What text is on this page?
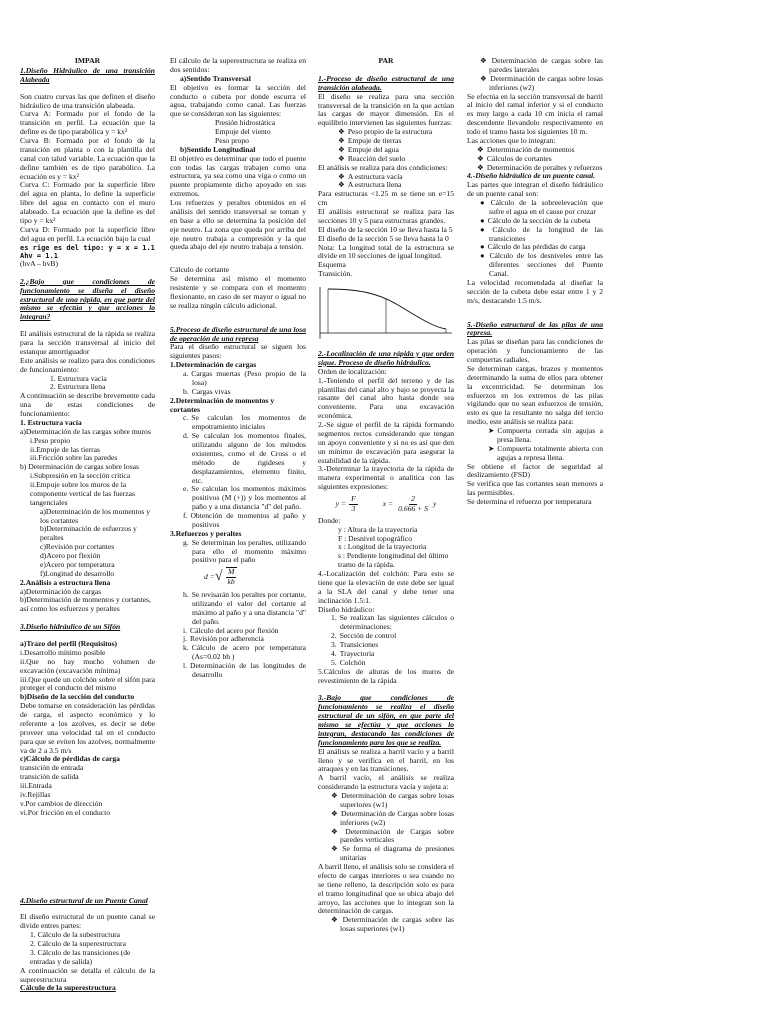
IMPAR

1.Diseño Hidráulico de una transición Alabeada

Son cuatro curvas las que definen el diseño hidráulico de una transición alabeada.

Curva A: Formado por el fondo de la transición en perfil. La ecuación que la define es de tipo parabólica y = kx²

Curva B: Formado por el fondo de la transición en planta o con la plantilla del canal con talud variable. La ecuación que la define también es de tipo parabólico. La ecuación es y = kx²

Curva C: Formado por la superficie libre del agua en planta, lo define la superficie libre del agua en contacto con el muro alabeado. La ecuación que la define es del tipo y = kx²

Curva D: Formado por la superficie libre del agua en perfil. La ecuación bajo la cual

es rige es del tipo: y = x = 1.1 Ahv = 1.1

(hvA – hvB)

2.¿Bajo que condiciones de funcionamiento se diseña el diseño estructural de una rápida, en que parte del mismo se efectúa y que acciones lo integran?

El análisis estructural de la rápida se realiza para la sección transversal al inicio del estanque amortiguador

Este análisis se realizo para dos condiciones de funcionamiento:

1. Estructura vacía

2. Estructura llena

A continuación se describe brevemente cada una de estas condiciones de funcionamiento:

1. Estructura vacía

a)Determinación de las cargas sobre muros

i.Peso propio

ii.Empuje de las tierras

iii.Fricción sobre las paredes

b) Determinación de cargas sobre losas

i.Subpresión en la sección crítica

ii.Empuje sobre los muros de la componente vertical de las fuerzas tangenciales

a)Determinación de los momentos y los cortantes

b)Determinación de esfuerzos y peraltes

c)Revisión por cortantes

d)Acero por flexión

e)Acero por temperatura

f)Longitud de desarrollo

2.Análisis a estructura llena

a)Determinación de cargas

b)Determinación de momentos y cortantes, así como los esfuerzos y peraltes

3.Diseño hidráulico de un Sifón

a)Trazo del perfil (Requisitos)

i.Desarrollo mínimo posible

ii.Que no hay mucho volumen de excavación (excavación mínima)

iii.Que quede un colchón sobre el sifón para proteger el conducto del mismo

b)Diseño de la sección del conducto

Debe tomarse en consideración las pérdidas de carga, el aspecto económico y lo referente a los azolves, es decir se debe proveer una velocidad tal en el conducto para que se eviten los azolves, normalmente va de 2 a 3.5 m/s

c)Cálculo de pérdidas de carga

transición de entrada

transición de salida

iii.Entrada

iv.Rejillas

v.Por cambios de dirección

vi.Por fricción en el conducto

4.Diseño estructural de un Puente Canal

El diseño estructural de un puente canal se divide entres partes:

1. Cálculo de la subestructura

2. Cálculo de la superestructura

3. Cálculo de las transiciones (de entradas y de salida)

A continuación se detalla el cálculo de la superestructura

Cálculo de la superestructura

El cálculo de la superestructura se realiza en dos sentidos:

a)Sentido Transversal

El objetivo es formar la sección del conducto o cubeta por donde escurra el agua, trabajando como canal. Las fuerzas que se consideran son las siguientes:

Presión hidrostática

Empuje del viento

Peso propo

b)Sentido Longitudinal

El objetivo es determinar que todo el puente con todas las cargas trabajen como una estructura, ya sea como una viga o como un puente propiamente dicho apoyado en sus extremos.

Los refuerzos y peraltes obtenidos en el análisis del sentido transversal se toman y en base a ello se determina la posición del eje neutro. La zona que queda por arriba del eje neutro trabaja a compresión y la que queda abajo del eje neutro trabaja a tensión.

Cálculo de cortante

Se determina así mismo el momento resistente y se compara con el momento flexionante, en caso de ser mayor o igual no se realiza ningún cálculo adicional.

5.Proceso de diseño estructural de una losa de operación de una represa

Para el diseño estructural se siguen los siguientes pasos:

1.Determinación de cargas

a. Cargas muertas (Peso propio de la losa)

b. Cargas vivas

2.Determinación de momentos y cortantes

c. Se calculan los momentos de empotramiento iniciales

d. Se calculan los momentos finales, utilizando alguno de los métodos existentes, como el de Cross o el método de rigideses y desplazamientos, elemento finito, etc.

e. Se calculan los momentos máximos positivos (M (+)) y los momentos al paño y a una distancia "d" del paño.

f. Obtención de momentos al paño y positivos

3.Refuerzos y peraltes

g. Se determinan los peraltes, utilizando para ello el momento máximo positivo para el paño

d = √ $\frac{M}{kb}$

h. Se revisarán los peraltes por cortante, utilizando el valor del cortante al máximo al paño y a una distancia "d" del paño.

i. Cálculo del acero por flexión

j. Revisión por adherencia

k. Cálculo de acero por temperatura (As=0.02 bh )

l. Determinación de las longitudes de desarrollo

PAR

1.-Proceso de diseño estructural de una transición alabeada.

El diseño se realiza para una sección transversal de la transición en la que actúan las cargas de mayor dimensión. En el equilibrio intervienen las siguientes fuerzas:

❖ Peso propio de la estructura

❖ Empuje de tierras

❖ Empuje del agua

❖ Reacción del suelo

El análisis se realiza para dos condiciones:

❖ A estructura vacía

❖ A estructura llena

Para estructuras <1.25 m se tiene un e=15 cm

El análisis estructural se realiza para las secciones 10 y 5 para estructuras grandes.

El diseño de la sección 10 se lleva hasta la 5

El diseño de la sección 5 se lleva hasta la 0

Nota: La longitud total de la estructura se divide en 10 secciones de igual longitud.

Esquema

Transición.

2.-Localización de una rápida y que orden sigue. Proceso de diseño hidráulico.

Orden de localización:

1.-Teniendo el perfil del terreno y de las plantillas del canal alto y bajo se proyecta la rasante del canal alto hasta donde sea conveniente. Para una excavación económica.

2.-Se sigue el perfil de la rápida formando segmentos rectos considerando que tengan un apoyo conveniente y si no es así que den un mínimo de excavación para asegurar la estabilidad de la rápida.

3.-Determinar la trayectoria de la rápida de manera experimental o analítica con las siguientes expresiones:

$y = \frac{F}{3}$	$x = \frac{2}{0.666 + S}$ y

Donde:

y : Altura de la trayectoria

F : Desnivel topográfico

x : Longitud de la trayectoria

s : Pendiente longitudinal del último tramo de la rápida.

4.-Localización del colchón: Para esto se tiene que la elevación de este debe ser igual a la SLA del canal y debe tener una inclinación 1.5:1.

Diseño hidráulico:

1. Se realizan las siguientes cálculos o determinaciones:

2. Sección de control

3. Transiciones

4. Trayectoria

5. Colchón

5.Cálculos de alturas de los muros de revestimiento de la rápida

3.-Bajo que condiciones de funcionamiento se realiza el diseño estructural de un sifón, en que parte del mismo se efectúa y que acciones lo integran, destacando las condiciones de funcionamiento para los que se realiza.

El análisis se realiza a barril vacío y a barril lleno y se verifica en el barril, en los atraques y en las transiciones.

A barril vacío, el análisis se realiza considerando la estructura vacía y sujeta a:

❖ Determinación de cargas sobre losas superiores (w1)

❖ Determinación de Cargas sobre losas inferiores (w2)

❖ Determinación de Cargas sobre paredes verticales

❖ Se forma el diagrama de presiones unitarias

A barril lleno, el análisis solo se considera el efecto de cargas interiores o sea cuando no se tiene relleno, la descripción solo es para el tramo longitudinal que se ubica abajo del arroyo, las acciones que lo integran son la determinación de cargas.

❖ Determinación de cargas sobre las losas superiores (w1)

❖ Determinación de cargas sobre las paredes laterales

❖ Determinación de cargas sobre losas inferiores (w2)

Se efectúa en la sección transversal de barril al inicio del ramal inferior y si el conducto es muy largo a cada 10 cm inicia el ramal descendente llevandolo respectivamente en todo el tramo hasta los siguientes 10 m.

Las acciones que lo integran:

❖ Determinación de momentos

❖ Cálculos de cortantes

❖ Determinación de peraltes y refuerzos

4.-Diseño hidráulico de un puente canal.

Las partes que integran el diseño hidráulico de un puente canal son:

● Cálculo de la sobreelevación que sufre el agua en el cause por cruzar

● Cálculo de la sección de la cubeta

● Cálculo de la longitud de las transiciones

● Cálculo de las pérdidas de carga

● Cálculo de los desniveles entre las diferentes secciones del Puente Canal.

La velocidad recomendada al diseñar la sección de la cubeta debe estar entre 1 y 2 m/s, destacando 1.5 m/s.

5.-Diseño estructural de las pilas de una represa.

Las pilas se diseñan para las condiciones de operación y funcionamiento de las compuertas radiales.

Se determinan cargas, brazos y momentos determinando la suma de ellos para obtener la excentricidad. Se determinan los esfuerzos en los extremos de las pilas vigilando que no sean esfuerzos de tensión, esto es que la resultante no salga del tercio medio, este análisis se realiza para:

➤ Compuerta cerrada sin agujas a presa llena.

➤ Compuerta totalmente abierta con agujas a represa llena.

Se obtiene el factor de seguridad al deslizamiento (FSD)

Se verifica que las cortantes sean menores a las permisibles.

Se determina el refuerzo por temperatura
